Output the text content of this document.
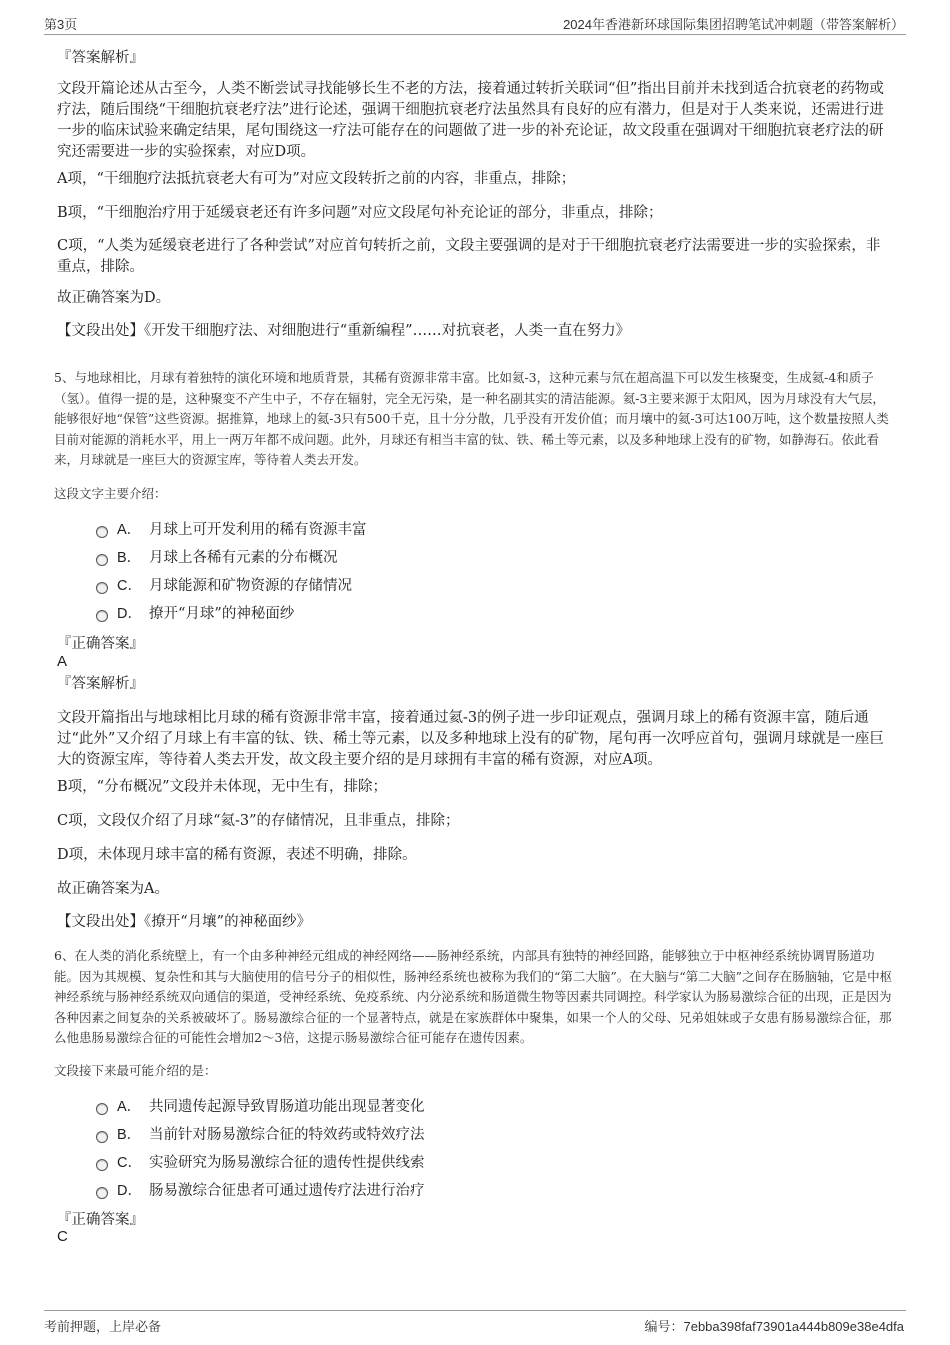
第3页	2024年香港新环球国际集团招聘笔试冲刺题（带答案解析）
『答案解析』
文段开篇论述从古至今，人类不断尝试寻找能够长生不老的方法，接着通过转折关联词“但”指出目前并未找到适合抗衰老的药物或疗法，随后围绕“干细胞抗衰老疗法”进行论述，强调干细胞抗衰老疗法虽然具有良好的应有潜力，但是对于人类来说，还需进行进一步的临床试验来确定结果，尾句围绕这一疗法可能存在的问题做了进一步的补充论证，故文段重在强调对干细胞抗衰老疗法的研究还需要进一步的实验探索，对应D项。
A项，“干细胞疗法抵抗衰老大有可为”对应文段转折之前的内容，非重点，排除；
B项，“干细胞治疗用于延缓衰老还有许多问题”对应文段尾句补充论证的部分，非重点，排除；
C项，“人类为延缓衰老进行了各种尝试”对应首句转折之前，文段主要强调的是对于干细胞抗衰老疗法需要进一步的实验探索，非重点，排除。
故正确答案为D。
【文段出处】《开发干细胞疗法、对细胞进行“重新编程”……对抗衰老，人类一直在努力》
5、与地球相比，月球有着独特的演化环境和地质背景，其稀有资源非常丰富。比如氦-3，这种元素与氘在超高温下可以发生核聚变，生成氦-4和质子（氢）。值得一提的是，这种聚变不产生中子，不存在辐射，完全无污染，是一种名副其实的清洁能源。氦-3主要来源于太阳风，因为月球没有大气层，能够很好地“保管”这些资源。据推算，地球上的氦-3只有500千克，且十分分散，几乎没有开发价值；而月壤中的氦-3可达100万吨，这个数量按照人类目前对能源的消耗水平，用上一两万年都不成问题。此外，月球还有相当丰富的钛、铁、稀土等元素，以及多种地球上没有的矿物，如静海石。依此看来，月球就是一座巨大的资源宝库，等待着人类去开发。
这段文字主要介绍：
A． 月球上可开发利用的稀有资源丰富
B． 月球上各稀有元素的分布概况
C． 月球能源和矿物资源的存储情况
D． 撩开“月球”的神秘面纱
『正确答案』
A
『答案解析』
文段开篇指出与地球相比月球的稀有资源非常丰富，接着通过氦-3的例子进一步印证观点，强调月球上的稀有资源丰富，随后通过“此外”又介绍了月球上有丰富的钛、铁、稀土等元素，以及多种地球上没有的矿物，尾句再一次呼应首句，强调月球就是一座巨大的资源宝库，等待着人类去开发，故文段主要介绍的是月球拥有丰富的稀有资源，对应A项。
B项，“分布概况”文段并未体现，无中生有，排除；
C项，文段仅介绍了月球“氦-3”的存储情况，且非重点，排除；
D项，未体现月球丰富的稀有资源，表述不明确，排除。
故正确答案为A。
【文段出处】《撩开“月壤”的神秘面纱》
6、在人类的消化系统壁上，有一个由多种神经元组成的神经网络——肠神经系统，内部具有独特的神经回路，能够独立于中枢神经系统协调胃肠道功能。因为其规模、复杂性和其与大脑使用的信号分子的相似性，肠神经系统也被称为我们的“第二大脑”。在大脑与“第二大脑”之间存在肠脑轴，它是中枢神经系统与肠神经系统双向通信的渠道，受神经系统、免疫系统、内分泌系统和肠道微生物等因素共同调控。科学家认为肠易激综合征的出现，正是因为各种因素之间复杂的关系被破坏了。肠易激综合征的一个显著特点，就是在家族群体中聚集，如果一个人的父母、兄弟姐妹或子女患有肠易激综合征，那么他患肠易激综合征的可能性会增加2～3倍，这提示肠易激综合征可能存在遗传因素。
文段接下来最可能介绍的是：
A． 共同遗传起源导致胃肠道功能出现显著变化
B． 当前针对肠易激综合征的特效药或特效疗法
C． 实验研究为肠易激综合征的遗传性提供线索
D． 肠易激综合征患者可通过遗传疗法进行治疗
『正确答案』
C
考前押题，上岸必备	编号：7ebba398faf73901a444b809e38e4dfa
